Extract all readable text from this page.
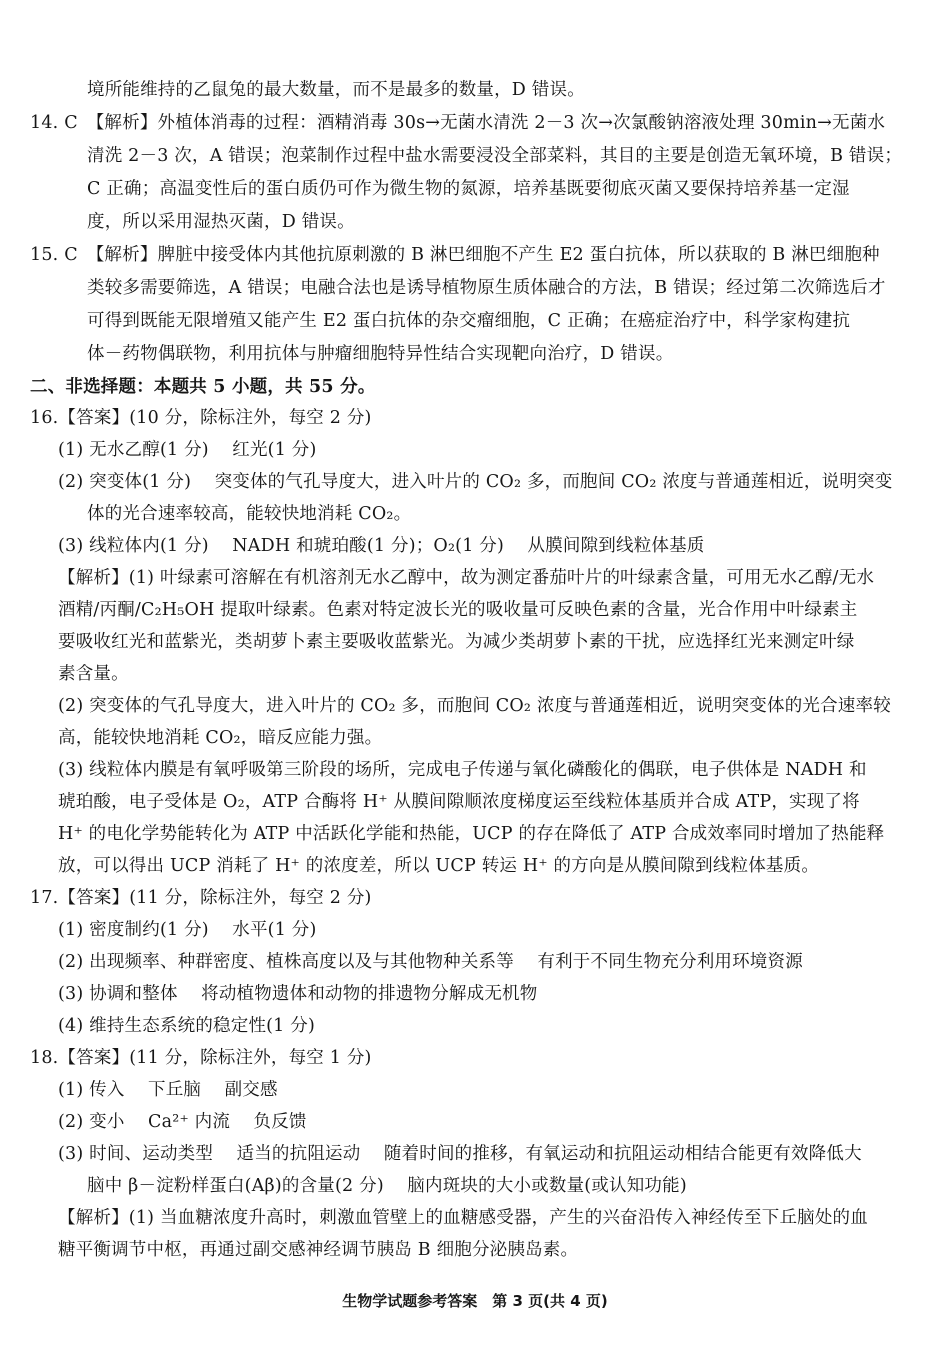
境所能维持的乙鼠兔的最大数量，而不是最多的数量，D 错误。
14. C　【解析】外植体消毒的过程：酒精消毒 30s→无菌水清洗 2－3 次→次氯酸钠溶液处理 30min→无菌水
清洗 2－3 次，A 错误；泡菜制作过程中盐水需要浸没全部菜料，其目的主要是创造无氧环境，B 错误；
C 正确；高温变性后的蛋白质仍可作为微生物的氮源，培养基既要彻底灭菌又要保持培养基一定湿
度，所以采用湿热灭菌，D 错误。
15. C　【解析】脾脏中接受体内其他抗原刺激的 B 淋巴细胞不产生 E2 蛋白抗体，所以获取的 B 淋巴细胞种
类较多需要筛选，A 错误；电融合法也是诱导植物原生质体融合的方法，B 错误；经过第二次筛选后才
可得到既能无限增殖又能产生 E2 蛋白抗体的杂交瘤细胞，C 正确；在癌症治疗中，科学家构建抗
体－药物偶联物，利用抗体与肿瘤细胞特异性结合实现靶向治疗，D 错误。
二、非选择题：本题共 5 小题，共 55 分。
16.【答案】(10 分，除标注外，每空 2 分)
(1) 无水乙醇(1 分)　 红光(1 分)
(2) 突变体(1 分)　 突变体的气孔导度大，进入叶片的 CO₂ 多，而胞间 CO₂ 浓度与普通莲相近，说明突变
体的光合速率较高，能较快地消耗 CO₂。
(3) 线粒体内(1 分)　 NADH 和琥珀酸(1 分)；O₂(1 分)　 从膜间隙到线粒体基质
【解析】(1) 叶绿素可溶解在有机溶剂无水乙醇中，故为测定番茄叶片的叶绿素含量，可用无水乙醇/无水
酒精/丙酮/C₂H₅OH 提取叶绿素。色素对特定波长光的吸收量可反映色素的含量，光合作用中叶绿素主
要吸收红光和蓝紫光，类胡萝卜素主要吸收蓝紫光。为减少类胡萝卜素的干扰，应选择红光来测定叶绿
素含量。
(2) 突变体的气孔导度大，进入叶片的 CO₂ 多，而胞间 CO₂ 浓度与普通莲相近，说明突变体的光合速率较
高，能较快地消耗 CO₂，暗反应能力强。
(3) 线粒体内膜是有氧呼吸第三阶段的场所，完成电子传递与氧化磷酸化的偶联，电子供体是 NADH 和
琥珀酸，电子受体是 O₂，ATP 合酶将 H⁺ 从膜间隙顺浓度梯度运至线粒体基质并合成 ATP，实现了将
H⁺ 的电化学势能转化为 ATP 中活跃化学能和热能，UCP 的存在降低了 ATP 合成效率同时增加了热能释
放，可以得出 UCP 消耗了 H⁺ 的浓度差，所以 UCP 转运 H⁺ 的方向是从膜间隙到线粒体基质。
17.【答案】(11 分，除标注外，每空 2 分)
(1) 密度制约(1 分)　 水平(1 分)
(2) 出现频率、种群密度、植株高度以及与其他物种关系等　 有利于不同生物充分利用环境资源
(3) 协调和整体　 将动植物遗体和动物的排遗物分解成无机物
(4) 维持生态系统的稳定性(1 分)
18.【答案】(11 分，除标注外，每空 1 分)
(1) 传入　 下丘脑　 副交感
(2) 变小　 Ca²⁺ 内流　 负反馈
(3) 时间、运动类型　 适当的抗阻运动　 随着时间的推移，有氧运动和抗阻运动相结合能更有效降低大
脑中 β－淀粉样蛋白(Aβ)的含量(2 分)　 脑内斑块的大小或数量(或认知功能)
【解析】(1) 当血糖浓度升高时，刺激血管壁上的血糖感受器，产生的兴奋沿传入神经传至下丘脑处的血
糖平衡调节中枢，再通过副交感神经调节胰岛 B 细胞分泌胰岛素。
生物学试题参考答案　第 3 页(共 4 页)
